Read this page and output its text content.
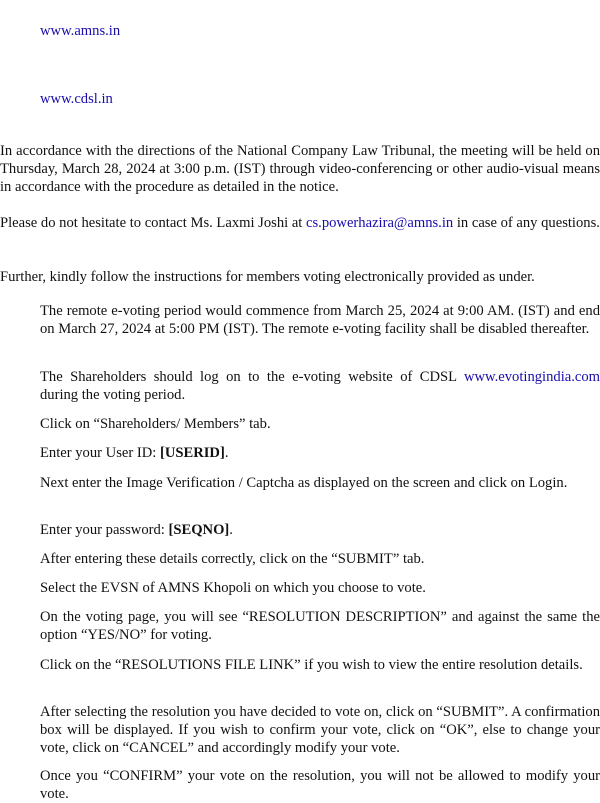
www.amns.in
www.cdsl.in

In accordance with the directions of the National Company Law Tribunal, the meeting will be held on Thursday, March 28, 2024 at 3:00 p.m. (IST) through video-conferencing or other audio-visual means in accordance with the procedure as detailed in the notice.

Please do not hesitate to contact Ms. Laxmi Joshi at cs.powerhazira@amns.in in case of any questions.

Further, kindly follow the instructions for members voting electronically provided as under.

The remote e-voting period would commence from March 25, 2024 at 9:00 AM. (IST) and end on March 27, 2024 at 5:00 PM (IST). The remote e-voting facility shall be disabled thereafter.

The Shareholders should log on to the e-voting website of CDSL www.evotingindia.com during the voting period.

Click on “Shareholders/ Members” tab.

Enter your User ID: [USERID].

Next enter the Image Verification / Captcha as displayed on the screen and click on Login.

Enter your password: [SEQNO].

After entering these details correctly, click on the “SUBMIT” tab.

Select the EVSN of AMNS Khopoli on which you choose to vote.

On the voting page, you will see “RESOLUTION DESCRIPTION” and against the same the option “YES/NO” for voting.

Click on the “RESOLUTIONS FILE LINK” if you wish to view the entire resolution details.

After selecting the resolution you have decided to vote on, click on “SUBMIT”. A confirmation box will be displayed. If you wish to confirm your vote, click on “OK”, else to change your vote, click on “CANCEL” and accordingly modify your vote.

Once you “CONFIRM” your vote on the resolution, you will not be allowed to modify your vote.
